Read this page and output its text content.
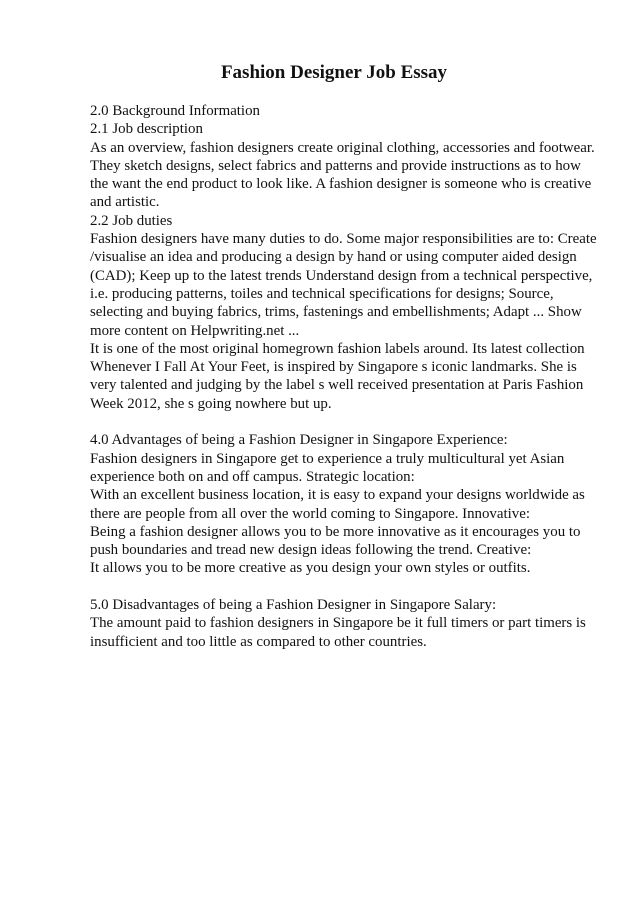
Fashion Designer Job Essay
2.0 Background Information
2.1 Job description
As an overview, fashion designers create original clothing, accessories and footwear.
They sketch designs, select fabrics and patterns and provide instructions as to how
the want the end product to look like. A fashion designer is someone who is creative
and artistic.
2.2 Job duties
Fashion designers have many duties to do. Some major responsibilities are to: Create
/visualise an idea and producing a design by hand or using computer aided design
(CAD); Keep up to the latest trends Understand design from a technical perspective,
i.e. producing patterns, toiles and technical specifications for designs; Source,
selecting and buying fabrics, trims, fastenings and embellishments; Adapt ... Show
more content on Helpwriting.net ...
It is one of the most original homegrown fashion labels around. Its latest collection
Whenever I Fall At Your Feet, is inspired by Singapore s iconic landmarks. She is
very talented and judging by the label s well received presentation at Paris Fashion
Week 2012, she s going nowhere but up.
4.0 Advantages of being a Fashion Designer in Singapore Experience:
Fashion designers in Singapore get to experience a truly multicultural yet Asian
experience both on and off campus. Strategic location:
With an excellent business location, it is easy to expand your designs worldwide as
there are people from all over the world coming to Singapore. Innovative:
Being a fashion designer allows you to be more innovative as it encourages you to
push boundaries and tread new design ideas following the trend. Creative:
It allows you to be more creative as you design your own styles or outfits.
5.0 Disadvantages of being a Fashion Designer in Singapore Salary:
The amount paid to fashion designers in Singapore be it full timers or part timers is
insufficient and too little as compared to other countries.
